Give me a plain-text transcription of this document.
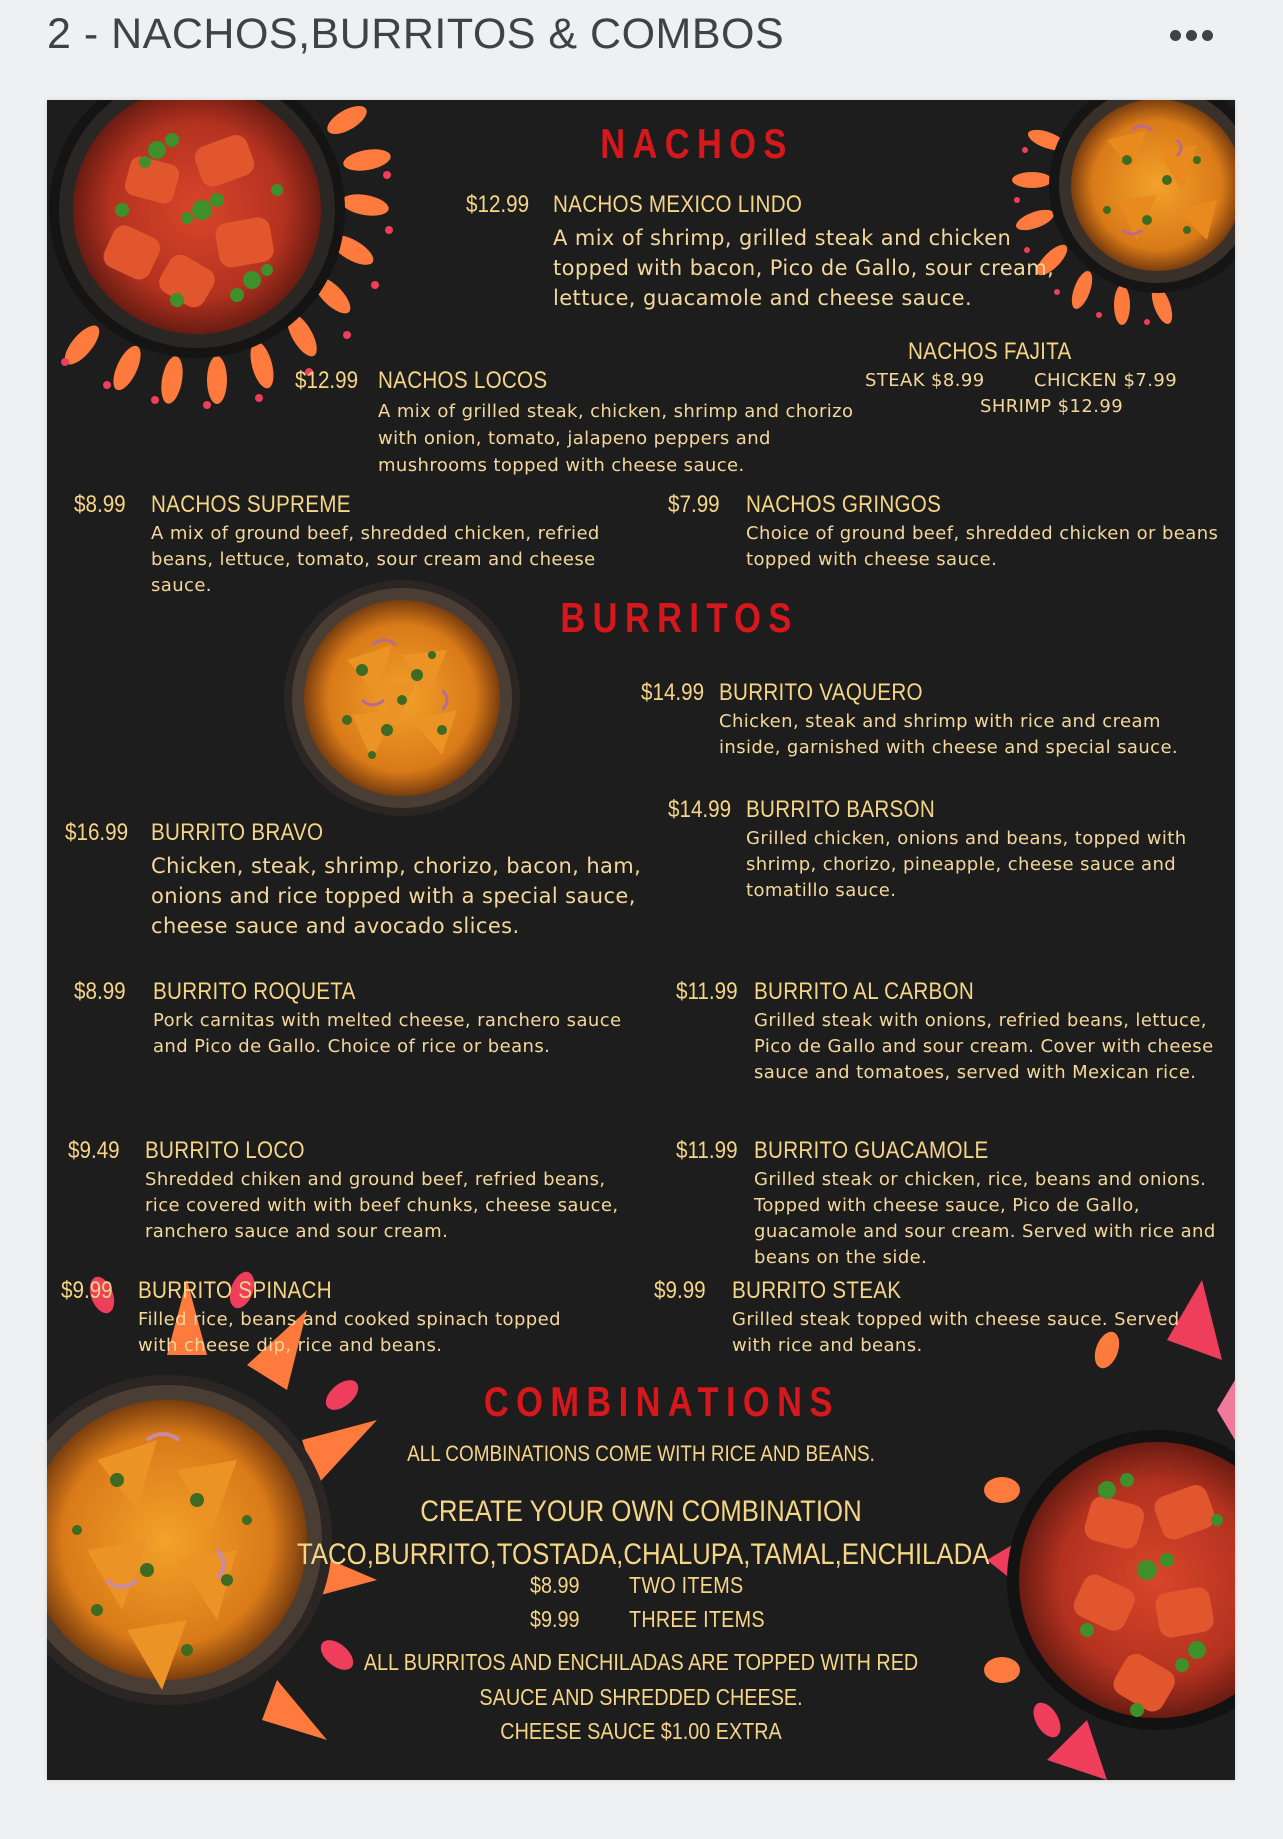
2 - NACHOS,BURRITOS & COMBOS
NACHOS
$12.99 NACHOS MEXICO LINDO
A mix of shrimp, grilled steak and chicken
topped with bacon, Pico de Gallo, sour cream,
lettuce, guacamole and cheese sauce.
NACHOS FAJITA
STEAK $8.99	CHICKEN $7.99
SHRIMP $12.99
$12.99 NACHOS LOCOS
A mix of grilled steak, chicken, shrimp and chorizo
with onion, tomato, jalapeno peppers and
mushrooms topped with cheese sauce.
$8.99 NACHOS SUPREME
A mix of ground beef, shredded chicken, refried
beans, lettuce, tomato, sour cream and cheese
sauce.
$7.99 NACHOS GRINGOS
Choice of ground beef, shredded chicken or beans
topped with cheese sauce.
BURRITOS
$14.99 BURRITO VAQUERO
Chicken, steak and shrimp with rice and cream
inside, garnished with cheese and special sauce.
$14.99 BURRITO BARSON
Grilled chicken, onions and beans, topped with
shrimp, chorizo, pineapple, cheese sauce and
tomatillo sauce.
$16.99 BURRITO BRAVO
Chicken, steak, shrimp, chorizo, bacon, ham,
onions and rice topped with a special sauce,
cheese sauce and avocado slices.
$8.99 BURRITO ROQUETA
Pork carnitas with melted cheese, ranchero sauce
and Pico de Gallo. Choice of rice or beans.
$11.99 BURRITO AL CARBON
Grilled steak with onions, refried beans, lettuce,
Pico de Gallo and sour cream. Cover with cheese
sauce and tomatoes, served with Mexican rice.
$9.49 BURRITO LOCO
Shredded chiken and ground beef, refried beans,
rice covered with with beef chunks, cheese sauce,
ranchero sauce and sour cream.
$11.99 BURRITO GUACAMOLE
Grilled steak or chicken, rice, beans and onions.
Topped with cheese sauce, Pico de Gallo,
guacamole and sour cream. Served with rice and
beans on the side.
$9.99 BURRITO SPINACH
Filled rice, beans and cooked spinach topped
with cheese dip, rice and beans.
$9.99 BURRITO STEAK
Grilled steak topped with cheese sauce. Served
with rice and beans.
COMBINATIONS
ALL COMBINATIONS COME WITH RICE AND BEANS.
CREATE YOUR OWN COMBINATION
TACO,BURRITO,TOSTADA,CHALUPA,TAMAL,ENCHILADA
$8.99 TWO ITEMS
$9.99 THREE ITEMS
ALL BURRITOS AND ENCHILADAS ARE TOPPED WITH RED
SAUCE AND SHREDDED CHEESE.
CHEESE SAUCE $1.00 EXTRA
